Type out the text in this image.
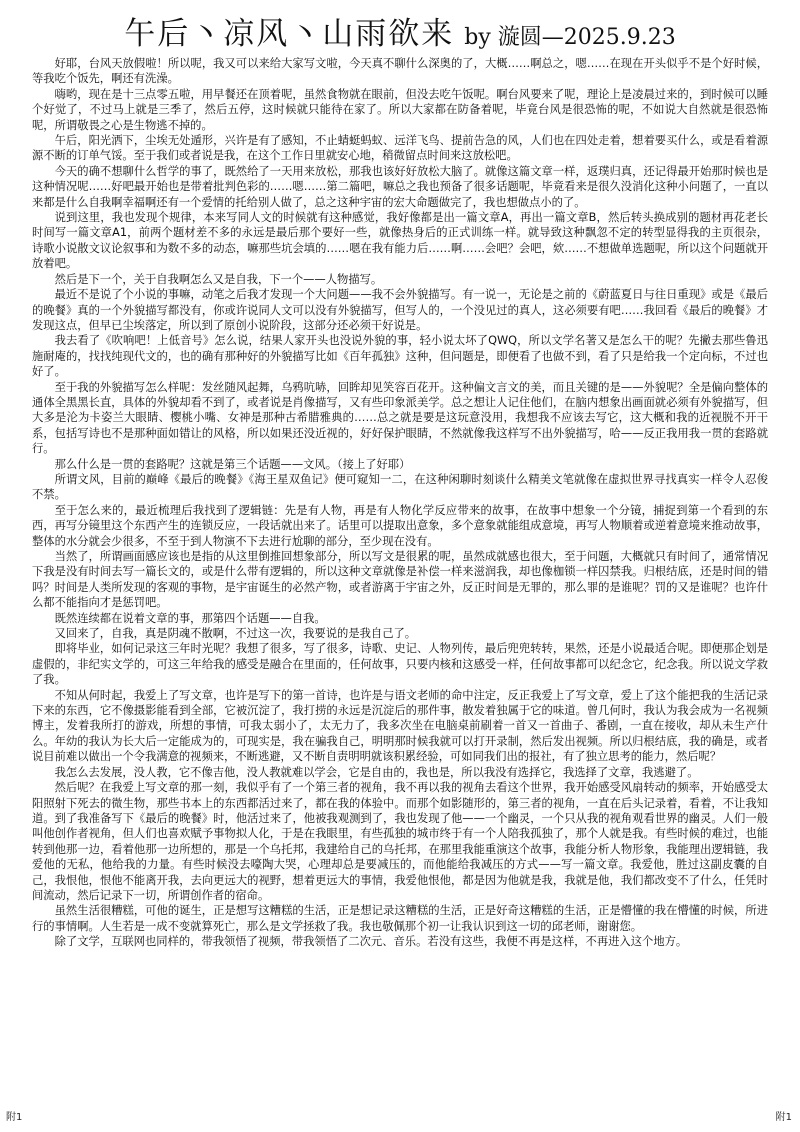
午后丶凉风丶山雨欲来 by 漩圆—2025.9.23

好耶，台风天放假啦！所以呢，我又可以来给大家写文啦，今天真不聊什么深奥的了，大概……啊总之，嗯……在现在开头似乎不是个好时候，等我吃个饭先，啊还有洗澡。

嗨哟，现在是十三点零五啦，用早餐还在顶着呢，虽然食物就在眼前，但没去吃午饭呢。啊台风要来了呢，理论上是凌晨过来的，到时候可以睡个好觉了，不过马上就是三季了，然后五停，这时候就只能待在家了。所以大家都在防备着呢，毕竟台风是很恐怖的呢，不如说大自然就是很恐怖呢，所谓敬畏之心是生物逃不掉的。

午后，阳光洒下，尘埃无处遁形，兴许是有了感知，不止蜻蜓蚂蚁、远洋飞鸟、提前告急的风，人们也在四处走着，想着要买什么，或是看着源源不断的订单气馁。至于我们或者说是我，在这个工作日里就安心地，稍微留点时间来这放松吧。

今天的确不想聊什么哲学的事了，既然给了一天用来放松，那我也该好好放松大脑了。就像这篇文章一样，返璞归真，还记得最开始那时候也是这种情况呢……好吧最开始也是带着批判色彩的……嗯……第二篇吧，嘛总之我也预备了很多话题呢，毕竟看来是很久没消化这种小问题了，一直以来都是什么自我啊幸福啊还有一个爱情的托给别人做了，总之这种宇宙的宏大命题做完了，我也想做点小的了。

说到这里，我也发现个规律，本来写同人文的时候就有这种感觉，我好像都是出一篇文章A，再出一篇文章B，然后转头换成别的题材再花老长时间写一篇文章A1，前两个题材差不多的永远是最后那个要好一些，就像热身后的正式训练一样。就导致这种飘忽不定的转型显得我的主页很杂，诗歌小说散文议论叙事和为数不多的动态，嘛那些坑会填的……嗯在我有能力后……啊……会吧？会吧，欸……不想做单选题呢，所以这个问题就开放着吧。

然后是下一个，关于自我啊怎么又是自我，下一个——人物描写。

最近不是说了个小说的事嘛，动笔之后我才发现一个大问题——我不会外貌描写。有一说一，无论是之前的《蔚蓝夏日与往日重现》或是《最后的晚餐》真的一个外貌描写都没有，你或许说同人文可以没有外貌描写，但写人的，一个没见过的真人，这必须要有吧……我回看《最后的晚餐》才发现这点，但早已尘埃落定，所以到了原创小说阶段，这部分还必须干好说是。

我去看了《吹响吧！上低音号》怎么说，结果人家开头也没说外貌的事，轻小说太坏了QWQ，所以文学名著又是怎么干的呢？先撇去那些鲁迅施耐庵的，找找纯现代文的，也的确有那种好的外貌描写比如《百年孤独》这种，但问题是，即便看了也做不到，看了只是给我一个定向标，不过也好了。

至于我的外貌描写怎么样呢：发丝随风起舞，乌鸦吭哧，回眸却见笑容百花开。这种偏文言文的美，而且关键的是——外貌呢？全是偏向整体的通体全黑黑长直，具体的外貌却看不到了，或者说是肖像描写，又有些印象派美学。总之想让人记住他们，在脑内想象出画面就必须有外貌描写，但大多是沦为卡姿兰大眼睛、樱桃小嘴、女神是那种古希腊雅典的……总之就是要是这玩意没用，我想我不应该去写它，这大概和我的近视脱不开干系，包括写诗也不是那种面如错让的风格，所以如果还没近视的，好好保护眼睛，不然就像我这样写不出外貌描写，哈——反正我用我一贯的套路就行。

那么什么是一贯的套路呢？这就是第三个话题——文风。（接上了好耶）

所谓文风，目前的巅峰《最后的晚餐》《海王星双鱼记》便可窥知一二，在这种闲聊时刻谈什么精美文笔就像在虚拟世界寻找真实一样令人忍俊不禁。

至于怎么来的，最近梳理后我找到了逻辑链：先是有人物，再是有人物化学反应带来的故事，在故事中想象一个分镜，捕捉到第一个看到的东西，再写分镜里这个东西产生的连锁反应，一段话就出来了。话里可以提取出意象，多个意象就能组成意境，再写人物顺着或逆着意境来推动故事，整体的水分就会少很多，不至于到人物演不下去进行尬聊的部分，至少现在没有。

当然了，所谓画面感应该也是指的从这里倒推回想象部分，所以写文是很累的呢，虽然成就感也很大，至于问题，大概就只有时间了，通常情况下我是没有时间去写一篇长文的，或是什么带有逻辑的，所以这种文章就像是补偿一样来滋润我，却也像枷锁一样囚禁我。归根结底，还是时间的错吗？时间是人类所发现的客观的事物，是宇宙诞生的必然产物，或者游离于宇宙之外，反正时间是无罪的，那么罪的是谁呢？罚的又是谁呢？也许什么都不能指向才是惩罚吧。

既然连续都在说着文章的事，那第四个话题——自我。

又回来了，自我，真是阴魂不散啊，不过这一次，我要说的是我自己了。

即将毕业，如何记录这三年时光呢？我想了很多，写了很多，诗歌、史记、人物列传，最后兜兜转转，果然，还是小说最适合呢。即便那企划是虚假的，非纪实文学的，可这三年给我的感受是融合在里面的，任何故事，只要内核和这感受一样，任何故事都可以纪念它，纪念我。所以说文学救了我。

不知从何时起，我爱上了写文章，也许是写下的第一首诗，也许是与语文老师的命中注定，反正我爱上了写文章，爱上了这个能把我的生活记录下来的东西，它不像摄影能看到全部，它被沉淀了，我打捞的永远是沉淀后的那件事，散发着独属于它的味道。曾几何时，我认为我会成为一名视频博主，发着我所打的游戏，所想的事情，可我太弱小了，太无力了，我多次坐在电脑桌前刷着一首又一首曲子、番剧，一直在接收，却从未生产什么。年幼的我认为长大后一定能成为的，可现实是，我在骗我自己，明明那时候我就可以打开录制，然后发出视频。所以归根结底，我的确是，或者说目前难以做出一个令我满意的视频来，不断逃避，又不断自责明明就该积累经验，可如同我们出的报社，有了独立思考的能力，然后呢？

我怎么去发展，没人教，它不像吉他，没人教就难以学会，它是自由的，我也是，所以我没有选择它，我选择了文章，我逃避了。

然后呢？在我爱上写文章的那一刻，我似乎有了一个第三者的视角，我不再以我的视角去看这个世界，我开始感受风扇转动的频率，开始感受太阳照射下死去的微生物，那些书本上的东西都活过来了，都在我的体验中。而那个如影随形的，第三者的视角，一直在后头记录着，看着，不让我知道。到了我准备写下《最后的晚餐》时，他活过来了，他被我观测到了，我也发现了他——一个幽灵，一个只从我的视角观看世界的幽灵。人们一般叫他创作者视角，但人们也喜欢赋予事物拟人化，于是在我眼里，有些孤独的城市终于有一个人陪我孤独了，那个人就是我。有些时候的难过，也能转到他那一边，看着他那一边所想的，那是一个乌托邦，我建给自己的乌托邦，在那里我能重演这个故事，我能分析人物形象，我能理出逻辑链，我爱他的无私，他给我的力量。有些时候没去嚎陶大哭，心理却总是要减压的，而他能给我减压的方式——写一篇文章。我爱他，胜过这副皮囊的自己，我恨他，恨他不能离开我，去向更远大的视野，想着更远大的事情，我爱他恨他，都是因为他就是我，我就是他，我们都改变不了什么，任凭时间流动，然后记录下一切，所谓创作者的宿命。

虽然生活很糟糕，可他的诞生，正是想写这糟糕的生活，正是想记录这糟糕的生活，正是好奇这糟糕的生活，正是懵懂的我在懵懂的时候，所进行的事情啊。人生若是一成不变就算死亡，那么是文学拯救了我。我也敬佩那个初一让我认识到这一切的邱老师，谢谢您。

除了文学，互联网也同样的，带我领悟了视频，带我领悟了二次元、音乐。若没有这些，我便不再是这样，不再进入这个地方。

附1	附1
